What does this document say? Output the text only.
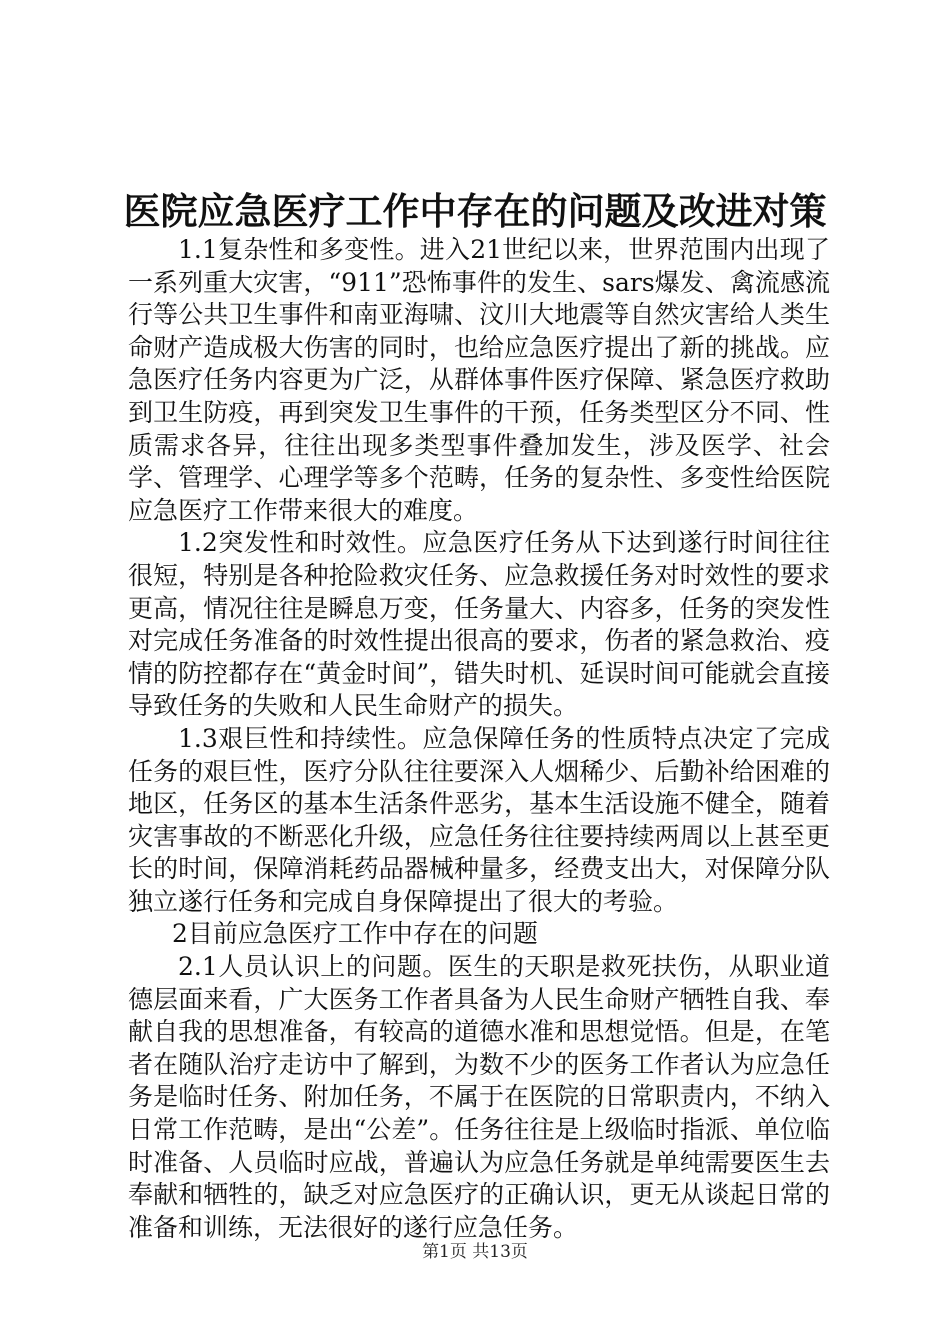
医院应急医疗工作中存在的问题及改进对策

1.1复杂性和多变性。进入21世纪以来，世界范围内出现了一系列重大灾害，“911”恐怖事件的发生、sars爆发、禽流感流行等公共卫生事件和南亚海啸、汶川大地震等自然灾害给人类生命财产造成极大伤害的同时，也给应急医疗提出了新的挑战。应急医疗任务内容更为广泛，从群体事件医疗保障、紧急医疗救助到卫生防疫，再到突发卫生事件的干预，任务类型区分不同、性质需求各异，往往出现多类型事件叠加发生，涉及医学、社会学、管理学、心理学等多个范畴，任务的复杂性、多变性给医院应急医疗工作带来很大的难度。

1.2突发性和时效性。应急医疗任务从下达到遂行时间往往很短，特别是各种抢险救灾任务、应急救援任务对时效性的要求更高，情况往往是瞬息万变，任务量大、内容多，任务的突发性对完成任务准备的时效性提出很高的要求，伤者的紧急救治、疫情的防控都存在“黄金时间”，错失时机、延误时间可能就会直接导致任务的失败和人民生命财产的损失。

1.3艰巨性和持续性。应急保障任务的性质特点决定了完成任务的艰巨性，医疗分队往往要深入人烟稀少、后勤补给困难的地区，任务区的基本生活条件恶劣，基本生活设施不健全，随着灾害事故的不断恶化升级，应急任务往往要持续两周以上甚至更长的时间，保障消耗药品器械种量多，经费支出大，对保障分队独立遂行任务和完成自身保障提出了很大的考验。

2目前应急医疗工作中存在的问题

2.1人员认识上的问题。医生的天职是救死扶伤，从职业道德层面来看，广大医务工作者具备为人民生命财产牺牲自我、奉献自我的思想准备，有较高的道德水准和思想觉悟。但是，在笔者在随队治疗走访中了解到，为数不少的医务工作者认为应急任务是临时任务、附加任务，不属于在医院的日常职责内，不纳入日常工作范畴，是出“公差”。任务往往是上级临时指派、单位临时准备、人员临时应战，普遍认为应急任务就是单纯需要医生去奉献和牺牲的，缺乏对应急医疗的正确认识，更无从谈起日常的准备和训练，无法很好的遂行应急任务。

第1页 共13页
